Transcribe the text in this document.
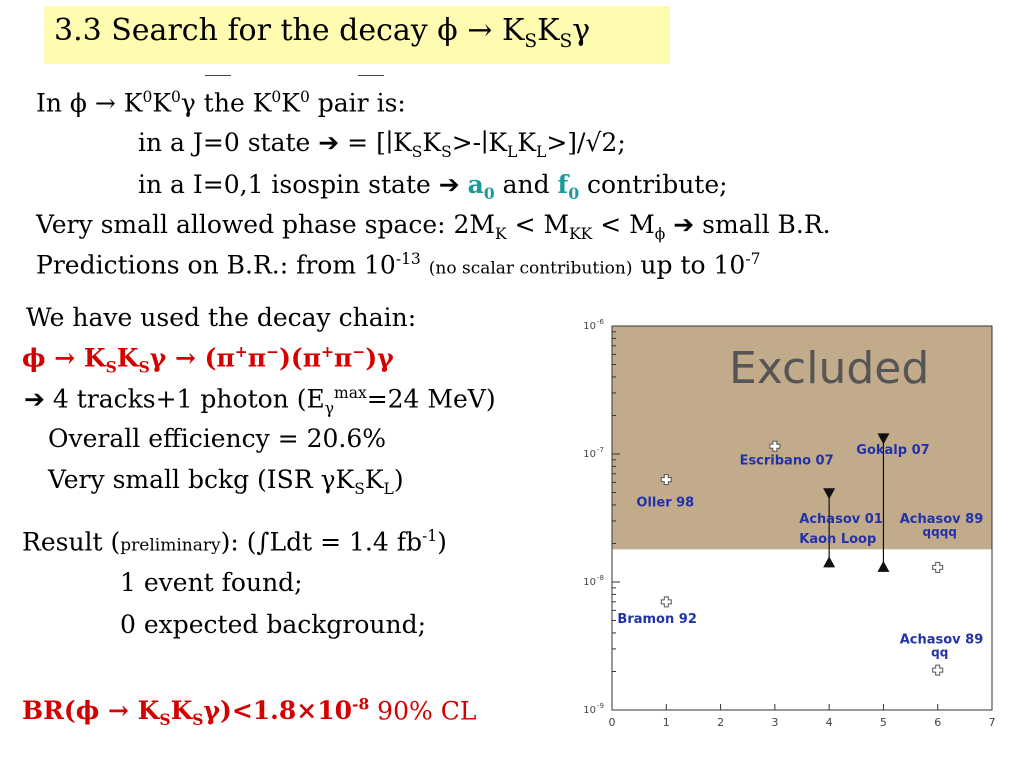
3.3 Search for the decay $\phi \to K_SK_S\gamma$
In $\phi \to K^0K^0\gamma$ the $K^0K^0$ pair is:
in a J=0 state ➔ = $[∣K_SK_S>-∣K_LK_L>]/√2$;
in a I=0,1 isospin state ➔ $a_0$ and $f_0$ contribute;
Very small allowed phase space: $2M_K < M_{KK} < M_\phi$ ➔ small B.R.
Predictions on B.R.: from $10^{-13}$ (no scalar contribution) up to $10^{-7}$
We have used the decay chain:
$\phi \to K_SK_S\gamma \to (\pi^+\pi^-)(\pi^+\pi^-)\gamma$
➔ 4 tracks+1 photon ($E_\gamma^{max}=24$ MeV)
Overall efficiency = 20.6%
Very small bckg (ISR $\gamma K_SK_L$)
Result (preliminary): (∫Ldt = 1.4 $fb^{-1}$)
1 event found;
0 expected background;
$BR(\phi \to K_SK_S\gamma)<1.8\times 10^{-8}$ 90% CL
Excluded
0	1	2	3	4	5	6	7
10 -6
10 -7
10 -8
10 -9
Achasov 01
Kaon Loop
Gokalp 07
Oller 98
Escribano 07
Bramon 92
Achasov 89
qqqq
Achasov 89
qq
